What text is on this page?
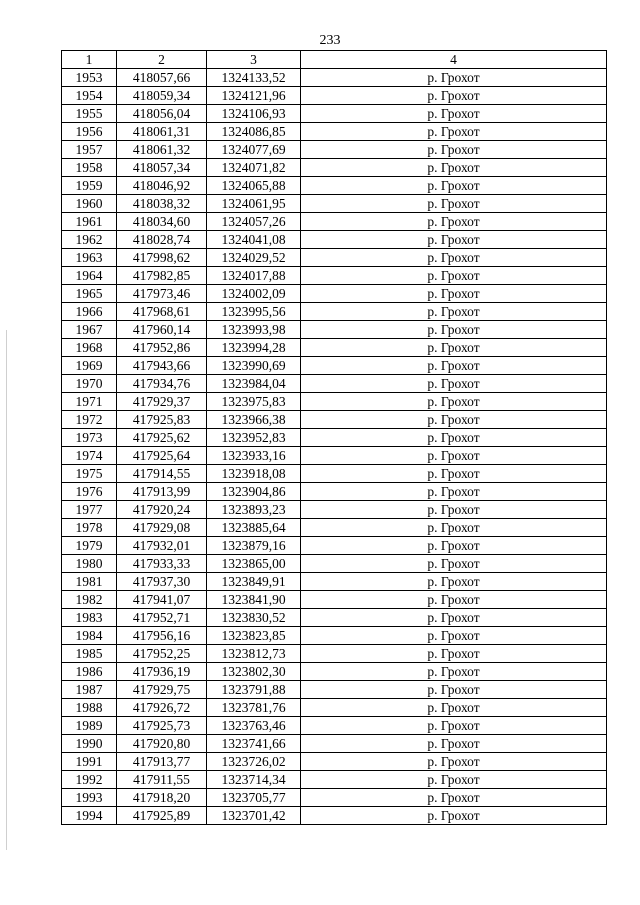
233
1	2	3	4
1953	418057,66	1324133,52	р. Грохот
1954	418059,34	1324121,96	р. Грохот
1955	418056,04	1324106,93	р. Грохот
1956	418061,31	1324086,85	р. Грохот
1957	418061,32	1324077,69	р. Грохот
1958	418057,34	1324071,82	р. Грохот
1959	418046,92	1324065,88	р. Грохот
1960	418038,32	1324061,95	р. Грохот
1961	418034,60	1324057,26	р. Грохот
1962	418028,74	1324041,08	р. Грохот
1963	417998,62	1324029,52	р. Грохот
1964	417982,85	1324017,88	р. Грохот
1965	417973,46	1324002,09	р. Грохот
1966	417968,61	1323995,56	р. Грохот
1967	417960,14	1323993,98	р. Грохот
1968	417952,86	1323994,28	р. Грохот
1969	417943,66	1323990,69	р. Грохот
1970	417934,76	1323984,04	р. Грохот
1971	417929,37	1323975,83	р. Грохот
1972	417925,83	1323966,38	р. Грохот
1973	417925,62	1323952,83	р. Грохот
1974	417925,64	1323933,16	р. Грохот
1975	417914,55	1323918,08	р. Грохот
1976	417913,99	1323904,86	р. Грохот
1977	417920,24	1323893,23	р. Грохот
1978	417929,08	1323885,64	р. Грохот
1979	417932,01	1323879,16	р. Грохот
1980	417933,33	1323865,00	р. Грохот
1981	417937,30	1323849,91	р. Грохот
1982	417941,07	1323841,90	р. Грохот
1983	417952,71	1323830,52	р. Грохот
1984	417956,16	1323823,85	р. Грохот
1985	417952,25	1323812,73	р. Грохот
1986	417936,19	1323802,30	р. Грохот
1987	417929,75	1323791,88	р. Грохот
1988	417926,72	1323781,76	р. Грохот
1989	417925,73	1323763,46	р. Грохот
1990	417920,80	1323741,66	р. Грохот
1991	417913,77	1323726,02	р. Грохот
1992	417911,55	1323714,34	р. Грохот
1993	417918,20	1323705,77	р. Грохот
1994	417925,89	1323701,42	р. Грохот
